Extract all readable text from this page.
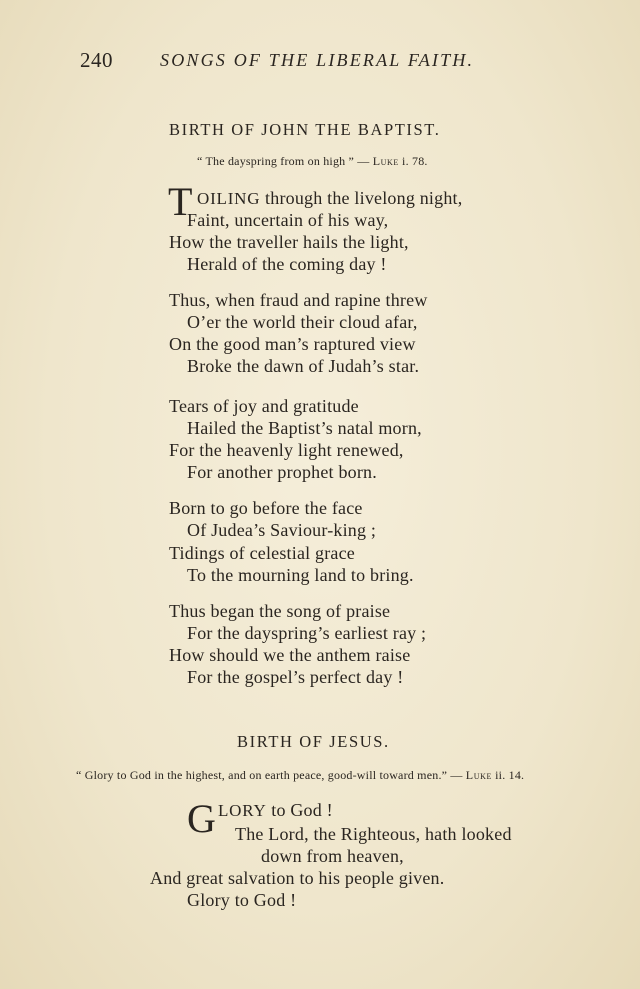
240	SONGS OF THE LIBERAL FAITH.
BIRTH OF JOHN THE BAPTIST.
“ The dayspring from on high ” — Luke i. 78.
T OILING through the livelong night,
Faint, uncertain of his way,
How the traveller hails the light,
Herald of the coming day !
Thus, when fraud and rapine threw
O’er the world their cloud afar,
On the good man’s raptured view
Broke the dawn of Judah’s star.
Tears of joy and gratitude
Hailed the Baptist’s natal morn,
For the heavenly light renewed,
For another prophet born.
Born to go before the face
Of Judea’s Saviour-king ;
Tidings of celestial grace
To the mourning land to bring.
Thus began the song of praise
For the dayspring’s earliest ray ;
How should we the anthem raise
For the gospel’s perfect day !
BIRTH OF JESUS.
“ Glory to God in the highest, and on earth peace, good-will toward men.” — Luke ii. 14.
G LORY to God !
The Lord, the Righteous, hath looked
down from heaven,
And great salvation to his people given.
Glory to God !
